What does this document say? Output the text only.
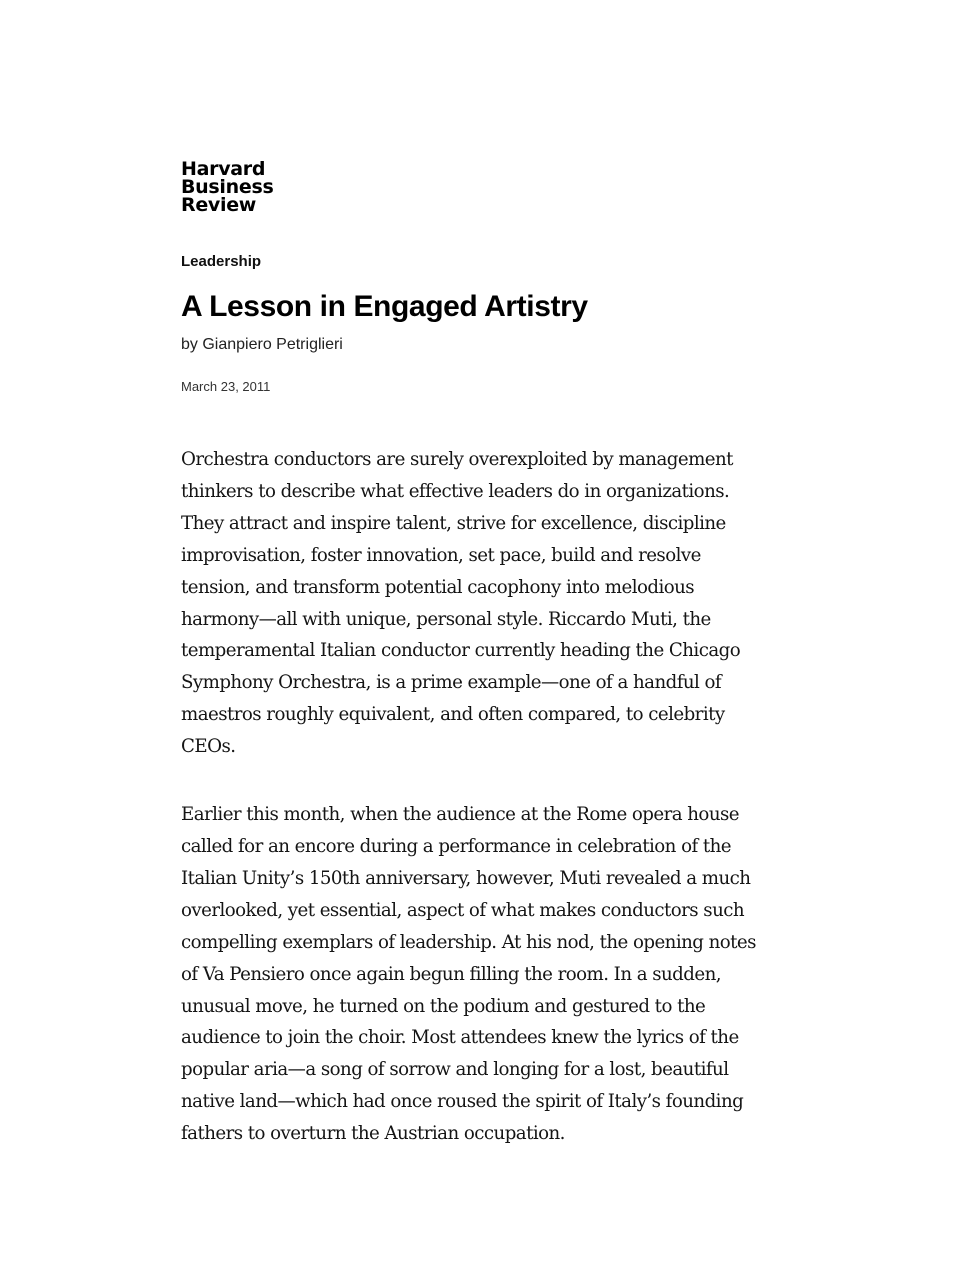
Harvard
Business
Review
Leadership
A Lesson in Engaged Artistry
by Gianpiero Petriglieri
March 23, 2011

Orchestra conductors are surely overexploited by management
thinkers to describe what effective leaders do in organizations.
They attract and inspire talent, strive for excellence, discipline
improvisation, foster innovation, set pace, build and resolve
tension, and transform potential cacophony into melodious
harmony—all with unique, personal style. Riccardo Muti, the
temperamental Italian conductor currently heading the Chicago
Symphony Orchestra, is a prime example—one of a handful of
maestros roughly equivalent, and often compared, to celebrity
CEOs.

Earlier this month, when the audience at the Rome opera house
called for an encore during a performance in celebration of the
Italian Unity’s 150th anniversary, however, Muti revealed a much
overlooked, yet essential, aspect of what makes conductors such
compelling exemplars of leadership. At his nod, the opening notes
of Va Pensiero once again begun filling the room. In a sudden,
unusual move, he turned on the podium and gestured to the
audience to join the choir. Most attendees knew the lyrics of the
popular aria—a song of sorrow and longing for a lost, beautiful
native land—which had once roused the spirit of Italy’s founding
fathers to overturn the Austrian occupation.
